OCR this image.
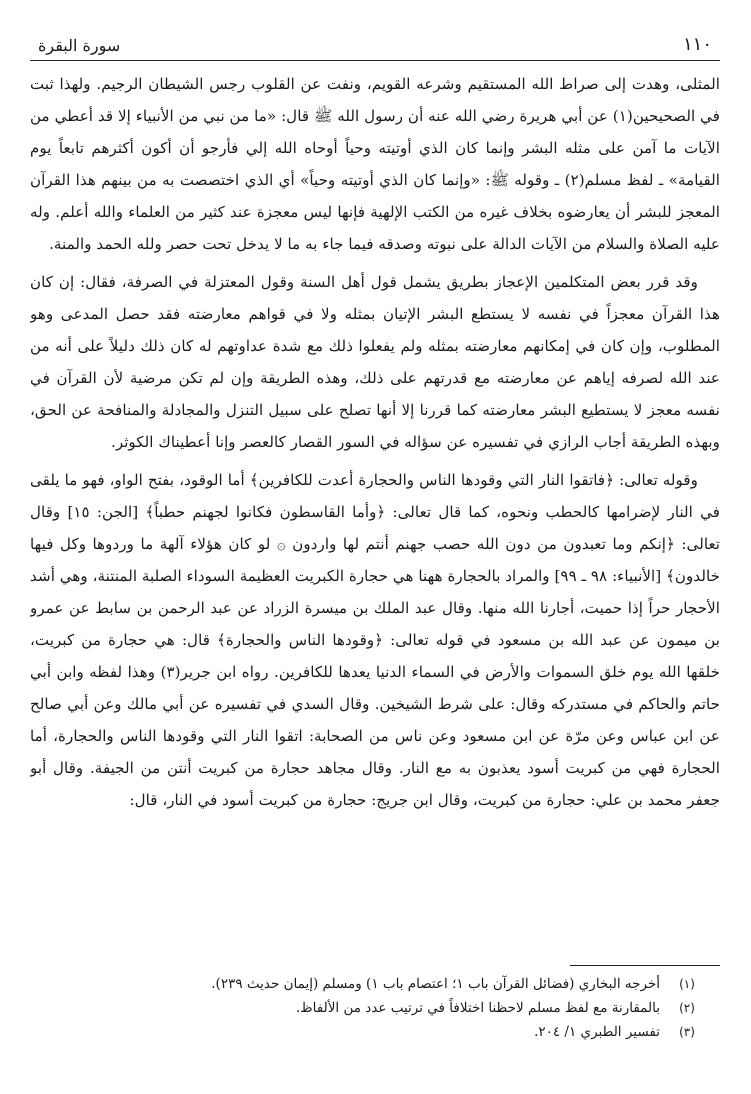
١١٠
سورة البقرة

المثلى، وهدت إلى صراط الله المستقيم وشرعه القويم، ونفت عن القلوب رجس الشيطان الرجيم. ولهذا ثبت في الصحيحين(١) عن أبي هريرة رضي الله عنه أن رسول الله ﷺ قال: «ما من نبي من الأنبياء إلا قد أعطي من الآيات ما آمن على مثله البشر وإنما كان الذي أوتيته وحياً أوحاه الله إلي فأرجو أن أكون أكثرهم تابعاً يوم القيامة» ـ لفظ مسلم(٢) ـ وقوله ﷺ: «وإنما كان الذي أوتيته وحياً» أي الذي اختصصت به من بينهم هذا القرآن المعجز للبشر أن يعارضوه بخلاف غيره من الكتب الإلهية فإنها ليس معجزة عند كثير من العلماء والله أعلم. وله عليه الصلاة والسلام من الآيات الدالة على نبوته وصدقه فيما جاء به ما لا يدخل تحت حصر ولله الحمد والمنة.

وقد قرر بعض المتكلمين الإعجاز بطريق يشمل قول أهل السنة وقول المعتزلة في الصرفة، فقال: إن كان هذا القرآن معجزاً في نفسه لا يستطع البشر الإتيان بمثله ولا في قواهم معارضته فقد حصل المدعى وهو المطلوب، وإن كان في إمكانهم معارضته بمثله ولم يفعلوا ذلك مع شدة عداوتهم له كان ذلك دليلاً على أنه من عند الله لصرفه إياهم عن معارضته مع قدرتهم على ذلك، وهذه الطريقة وإن لم تكن مرضية لأن القرآن في نفسه معجز لا يستطيع البشر معارضته كما قررنا إلا أنها تصلح على سبيل التنزل والمجادلة والمنافحة عن الحق، وبهذه الطريقة أجاب الرازي في تفسيره عن سؤاله في السور القصار كالعصر وإنا أعطيناك الكوثر.

وقوله تعالى: ﴿فاتقوا النار التي وقودها الناس والحجارة أعدت للكافرين﴾ أما الوقود، بفتح الواو، فهو ما يلقى في النار لإضرامها كالحطب ونحوه، كما قال تعالى: ﴿وأما القاسطون فكانوا لجهنم حطباً﴾ [الجن: ١٥] وقال تعالى: ﴿إنكم وما تعبدون من دون الله حصب جهنم أنتم لها واردون ۞ لو كان هؤلاء آلهة ما وردوها وكل فيها خالدون﴾ [الأنبياء: ٩٨ ـ ٩٩] والمراد بالحجارة ههنا هي حجارة الكبريت العظيمة السوداء الصلبة المنتنة، وهي أشد الأحجار حراً إذا حميت، أجارنا الله منها. وقال عبد الملك بن ميسرة الزراد عن عبد الرحمن بن سابط عن عمرو بن ميمون عن عبد الله بن مسعود في قوله تعالى: ﴿وقودها الناس والحجارة﴾ قال: هي حجارة من كبريت، خلقها الله يوم خلق السموات والأرض في السماء الدنيا يعدها للكافرين. رواه ابن جرير(٣) وهذا لفظه وابن أبي حاتم والحاكم في مستدركه وقال: على شرط الشيخين. وقال السدي في تفسيره عن أبي مالك وعن أبي صالح عن ابن عباس وعن مرّة عن ابن مسعود وعن ناس من الصحابة: اتقوا النار التي وقودها الناس والحجارة، أما الحجارة فهي من كبريت أسود يعذبون به مع النار. وقال مجاهد حجارة من كبريت أنتن من الجيفة. وقال أبو جعفر محمد بن علي: حجارة من كبريت، وقال ابن جريج: حجارة من كبريت أسود في النار، قال:

(١)
أخرجه البخاري (فضائل القرآن باب ١؛ اعتصام باب ١) ومسلم (إيمان حديث ٢٣٩).
(٢)
بالمقارنة مع لفظ مسلم لاحظنا اختلافاً في ترتيب عدد من الألفاظ.
(٣)
تفسير الطبري ١/ ٢٠٤.
